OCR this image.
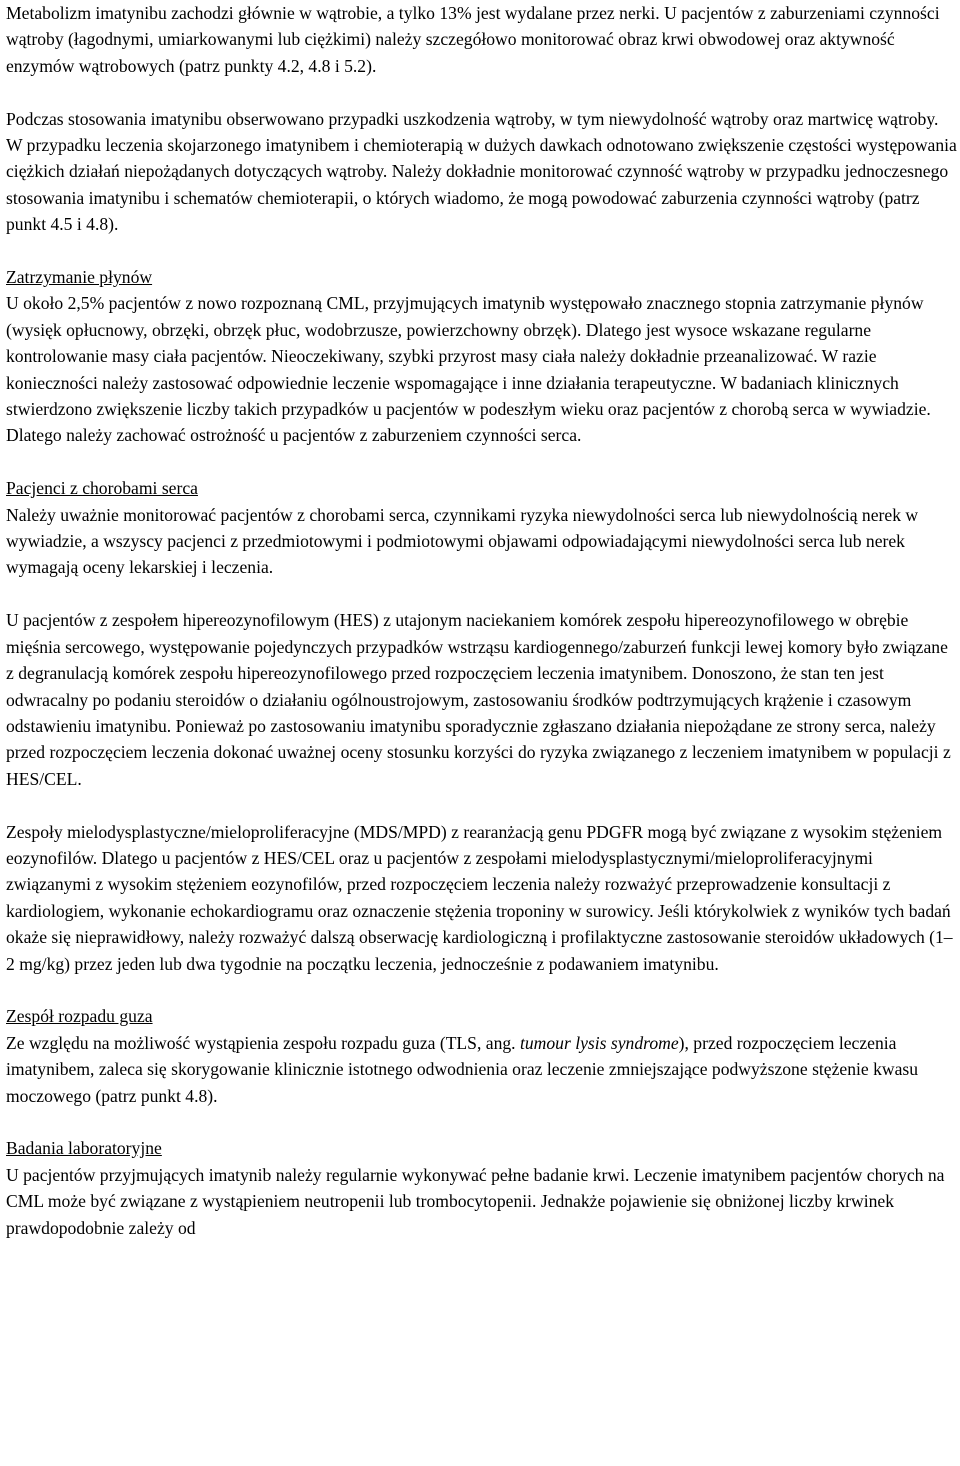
Metabolizm imatynibu zachodzi głównie w wątrobie, a tylko 13% jest wydalane przez nerki. U pacjentów z zaburzeniami czynności wątroby (łagodnymi, umiarkowanymi lub ciężkimi) należy szczegółowo monitorować obraz krwi obwodowej oraz aktywność enzymów wątrobowych (patrz punkty 4.2, 4.8 i 5.2).

Podczas stosowania imatynibu obserwowano przypadki uszkodzenia wątroby, w tym niewydolność wątroby oraz martwicę wątroby. W przypadku leczenia skojarzonego imatynibem i chemioterapią w dużych dawkach odnotowano zwiększenie częstości występowania ciężkich działań niepożądanych dotyczących wątroby. Należy dokładnie monitorować czynność wątroby w przypadku jednoczesnego stosowania imatynibu i schematów chemioterapii, o których wiadomo, że mogą powodować zaburzenia czynności wątroby (patrz punkt 4.5 i 4.8).

Zatrzymanie płynów
U około 2,5% pacjentów z nowo rozpoznaną CML, przyjmujących imatynib występowało znacznego stopnia zatrzymanie płynów (wysięk opłucnowy, obrzęki, obrzęk płuc, wodobrzusze, powierzchowny obrzęk). Dlatego jest wysoce wskazane regularne kontrolowanie masy ciała pacjentów. Nieoczekiwany, szybki przyrost masy ciała należy dokładnie przeanalizować. W razie konieczności należy zastosować odpowiednie leczenie wspomagające i inne działania terapeutyczne. W badaniach klinicznych stwierdzono zwiększenie liczby takich przypadków u pacjentów w podeszłym wieku oraz pacjentów z chorobą serca w wywiadzie. Dlatego należy zachować ostrożność u pacjentów z zaburzeniem czynności serca.

Pacjenci z chorobami serca
Należy uważnie monitorować pacjentów z chorobami serca, czynnikami ryzyka niewydolności serca lub niewydolnością nerek w wywiadzie, a wszyscy pacjenci z przedmiotowymi i podmiotowymi objawami odpowiadającymi niewydolności serca lub nerek wymagają oceny lekarskiej i leczenia.

U pacjentów z zespołem hipereozynofilowym (HES) z utajonym naciekaniem komórek zespołu hipereozynofilowego w obrębie mięśnia sercowego, występowanie pojedynczych przypadków wstrząsu kardiogennego/zaburzeń funkcji lewej komory było związane z degranulacją komórek zespołu hipereozynofilowego przed rozpoczęciem leczenia imatynibem. Donoszono, że stan ten jest odwracalny po podaniu steroidów o działaniu ogólnoustrojowym, zastosowaniu środków podtrzymujących krążenie i czasowym odstawieniu imatynibu. Ponieważ po zastosowaniu imatynibu sporadycznie zgłaszano działania niepożądane ze strony serca, należy przed rozpoczęciem leczenia dokonać uważnej oceny stosunku korzyści do ryzyka związanego z leczeniem imatynibem w populacji z HES/CEL.

Zespoły mielodysplastyczne/mieloproliferacyjne (MDS/MPD) z rearanżacją genu PDGFR mogą być związane z wysokim stężeniem eozynofilów. Dlatego u pacjentów z HES/CEL oraz u pacjentów z zespołami mielodysplastycznymi/mieloproliferacyjnymi związanymi z wysokim stężeniem eozynofilów, przed rozpoczęciem leczenia należy rozważyć przeprowadzenie konsultacji z kardiologiem, wykonanie echokardiogramu oraz oznaczenie stężenia troponiny w surowicy. Jeśli którykolwiek z wyników tych badań okaże się nieprawidłowy, należy rozważyć dalszą obserwację kardiologiczną i profilaktyczne zastosowanie steroidów układowych (1–2 mg/kg) przez jeden lub dwa tygodnie na początku leczenia, jednocześnie z podawaniem imatynibu.

Zespół rozpadu guza
Ze względu na możliwość wystąpienia zespołu rozpadu guza (TLS, ang. tumour lysis syndrome), przed rozpoczęciem leczenia imatynibem, zaleca się skorygowanie klinicznie istotnego odwodnienia oraz leczenie zmniejszające podwyższone stężenie kwasu moczowego (patrz punkt 4.8).

Badania laboratoryjne
U pacjentów przyjmujących imatynib należy regularnie wykonywać pełne badanie krwi. Leczenie imatynibem pacjentów chorych na CML może być związane z wystąpieniem neutropenii lub trombocytopenii. Jednakże pojawienie się obniżonej liczby krwinek prawdopodobnie zależy od
